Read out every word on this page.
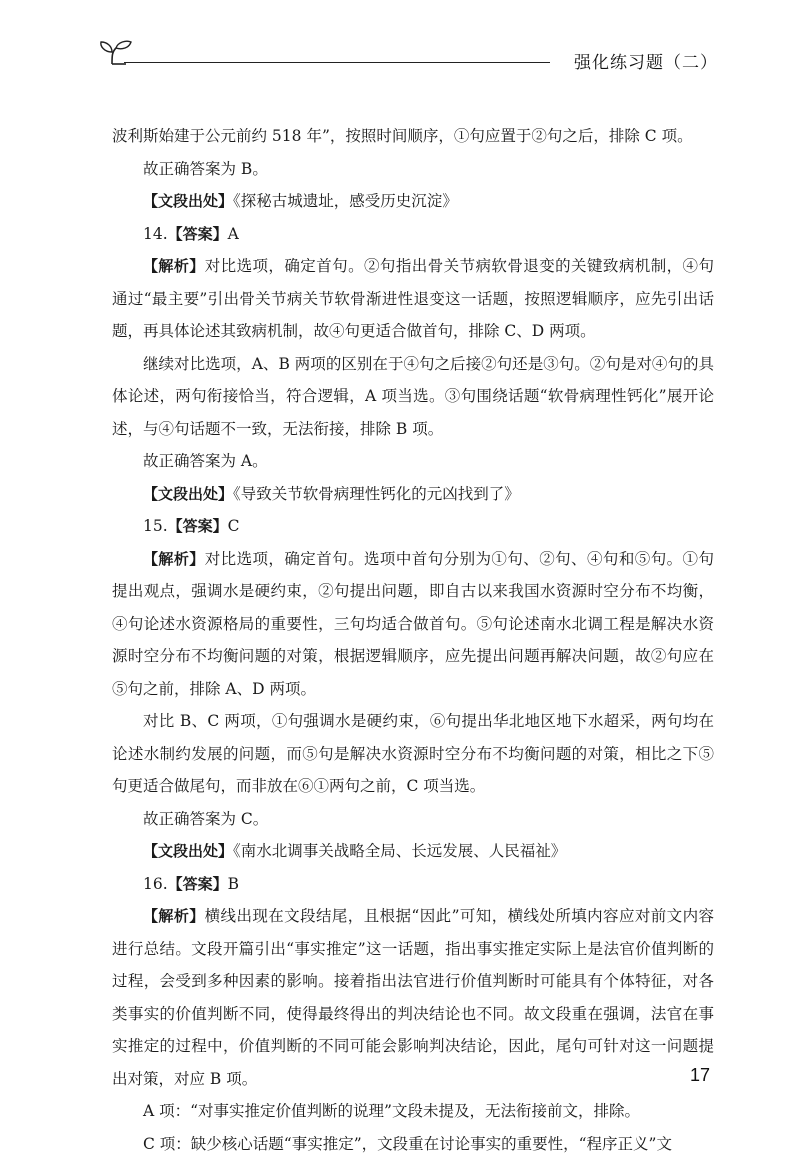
强化练习题（二）

波利斯始建于公元前约 518 年”，按照时间顺序，①句应置于②句之后，排除 C 项。

故正确答案为 B。

【文段出处】《探秘古城遗址，感受历史沉淀》

14.【答案】A

【解析】对比选项，确定首句。②句指出骨关节病软骨退变的关键致病机制，④句通过“最主要”引出骨关节病关节软骨渐进性退变这一话题，按照逻辑顺序，应先引出话题，再具体论述其致病机制，故④句更适合做首句，排除 C、D 两项。

继续对比选项，A、B 两项的区别在于④句之后接②句还是③句。②句是对④句的具体论述，两句衔接恰当，符合逻辑，A 项当选。③句围绕话题“软骨病理性钙化”展开论述，与④句话题不一致，无法衔接，排除 B 项。

故正确答案为 A。

【文段出处】《导致关节软骨病理性钙化的元凶找到了》

15.【答案】C

【解析】对比选项，确定首句。选项中首句分别为①句、②句、④句和⑤句。①句提出观点，强调水是硬约束，②句提出问题，即自古以来我国水资源时空分布不均衡，④句论述水资源格局的重要性，三句均适合做首句。⑤句论述南水北调工程是解决水资源时空分布不均衡问题的对策，根据逻辑顺序，应先提出问题再解决问题，故②句应在⑤句之前，排除 A、D 两项。

对比 B、C 两项，①句强调水是硬约束，⑥句提出华北地区地下水超采，两句均在论述水制约发展的问题，而⑤句是解决水资源时空分布不均衡问题的对策，相比之下⑤句更适合做尾句，而非放在⑥①两句之前，C 项当选。

故正确答案为 C。

【文段出处】《南水北调事关战略全局、长远发展、人民福祉》

16.【答案】B

【解析】横线出现在文段结尾，且根据“因此”可知，横线处所填内容应对前文内容进行总结。文段开篇引出“事实推定”这一话题，指出事实推定实际上是法官价值判断的过程，会受到多种因素的影响。接着指出法官进行价值判断时可能具有个体特征，对各类事实的价值判断不同，使得最终得出的判决结论也不同。故文段重在强调，法官在事实推定的过程中，价值判断的不同可能会影响判决结论，因此，尾句可针对这一问题提出对策，对应 B 项。

A 项：“对事实推定价值判断的说理”文段未提及，无法衔接前文，排除。

C 项：缺少核心话题“事实推定”，文段重在讨论事实的重要性，“程序正义”文

17
